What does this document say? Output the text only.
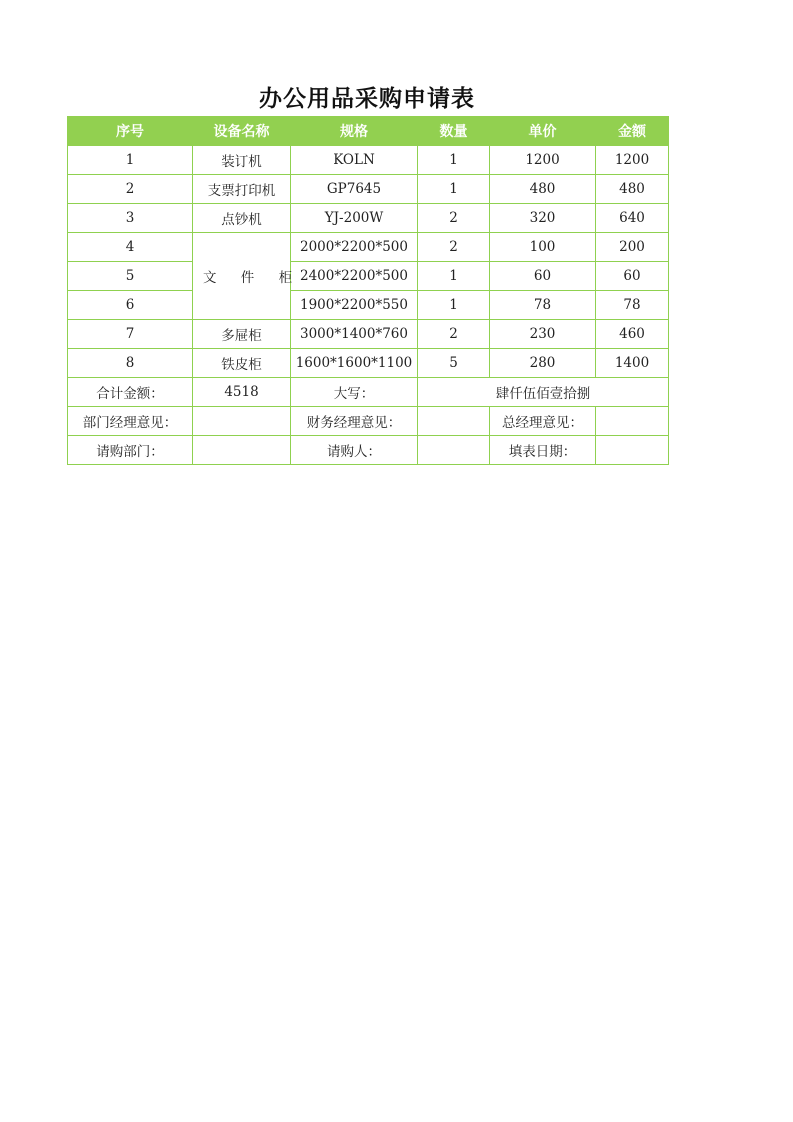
办公用品采购申请表
序号	设备名称	规格	数量	单价	金额
1	装订机	KOLN	1	1200	1200
2	支票打印机	GP7645	1	480	480
3	点钞机	YJ-200W	2	320	640
4	文 件 柜	2000*2200*500	2	100	200
5		2400*2200*500	1	60	60
6		1900*2200*550	1	78	78
7	多屉柜	3000*1400*760	2	230	460
8	铁皮柜	1600*1600*1100	5	280	1400
合计金额：	4518	大写：	肆仟伍佰壹拾捌		
部门经理意见：		财务经理意见：		总经理意见：	
请购部门：		请购人：		填表日期：	
